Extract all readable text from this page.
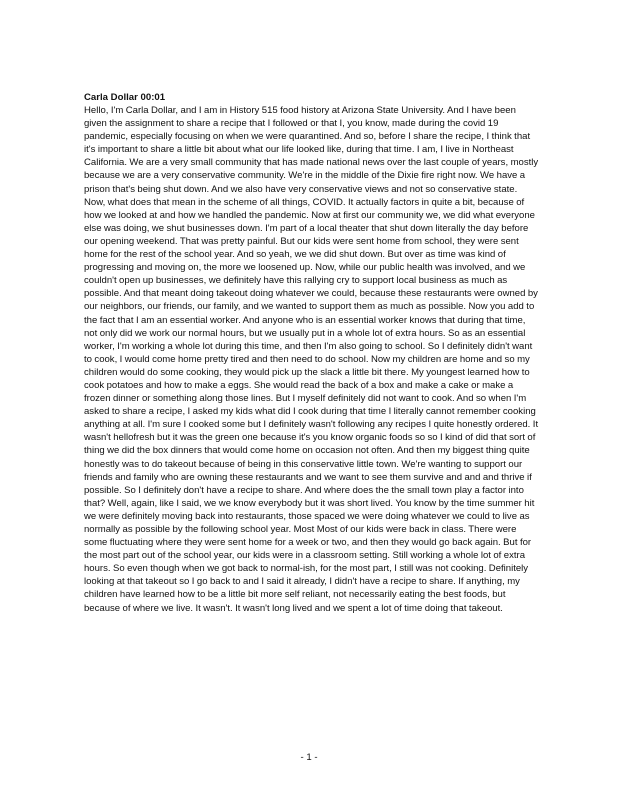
Carla Dollar 00:01

Hello, I'm Carla Dollar, and I am in History 515 food history at Arizona State University. And I have been given the assignment to share a recipe that I followed or that I, you know, made during the covid 19 pandemic, especially focusing on when we were quarantined. And so, before I share the recipe, I think that it's important to share a little bit about what our life looked like, during that time. I am, I live in Northeast California. We are a very small community that has made national news over the last couple of years, mostly because we are a very conservative community. We're in the middle of the Dixie fire right now. We have a prison that's being shut down. And we also have very conservative views and not so conservative state. Now, what does that mean in the scheme of all things, COVID. It actually factors in quite a bit, because of how we looked at and how we handled the pandemic. Now at first our community we, we did what everyone else was doing, we shut businesses down. I'm part of a local theater that shut down literally the day before our opening weekend. That was pretty painful. But our kids were sent home from school, they were sent home for the rest of the school year. And so yeah, we we did shut down. But over as time was kind of progressing and moving on, the more we loosened up. Now, while our public health was involved, and we couldn't open up businesses, we definitely have this rallying cry to support local business as much as possible. And that meant doing takeout doing whatever we could, because these restaurants were owned by our neighbors, our friends, our family, and we wanted to support them as much as possible. Now you add to the fact that I am an essential worker. And anyone who is an essential worker knows that during that time, not only did we work our normal hours, but we usually put in a whole lot of extra hours. So as an essential worker, I'm working a whole lot during this time, and then I'm also going to school. So I definitely didn't want to cook, I would come home pretty tired and then need to do school. Now my children are home and so my children would do some cooking, they would pick up the slack a little bit there. My youngest learned how to cook potatoes and how to make a eggs. She would read the back of a box and make a cake or make a frozen dinner or something along those lines. But I myself definitely did not want to cook. And so when I'm asked to share a recipe, I asked my kids what did I cook during that time I literally cannot remember cooking anything at all. I'm sure I cooked some but I definitely wasn't following any recipes I quite honestly ordered. It wasn't hellofresh but it was the green one because it's you know organic foods so so I kind of did that sort of thing we did the box dinners that would come home on occasion not often. And then my biggest thing quite honestly was to do takeout because of being in this conservative little town. We're wanting to support our friends and family who are owning these restaurants and we want to see them survive and and and thrive if possible. So I definitely don't have a recipe to share. And where does the the small town play a factor into that? Well, again, like I said, we we know everybody but it was short lived. You know by the time summer hit we were definitely moving back into restaurants, those spaced we were doing whatever we could to live as normally as possible by the following school year. Most Most of our kids were back in class. There were some fluctuating where they were sent home for a week or two, and then they would go back again. But for the most part out of the school year, our kids were in a classroom setting. Still working a whole lot of extra hours. So even though when we got back to normal-ish, for the most part, I still was not cooking. Definitely looking at that takeout so I go back to and I said it already, I didn't have a recipe to share. If anything, my children have learned how to be a little bit more self reliant, not necessarily eating the best foods, but because of where we live. It wasn't. It wasn't long lived and we spent a lot of time doing that takeout.

- 1 -
